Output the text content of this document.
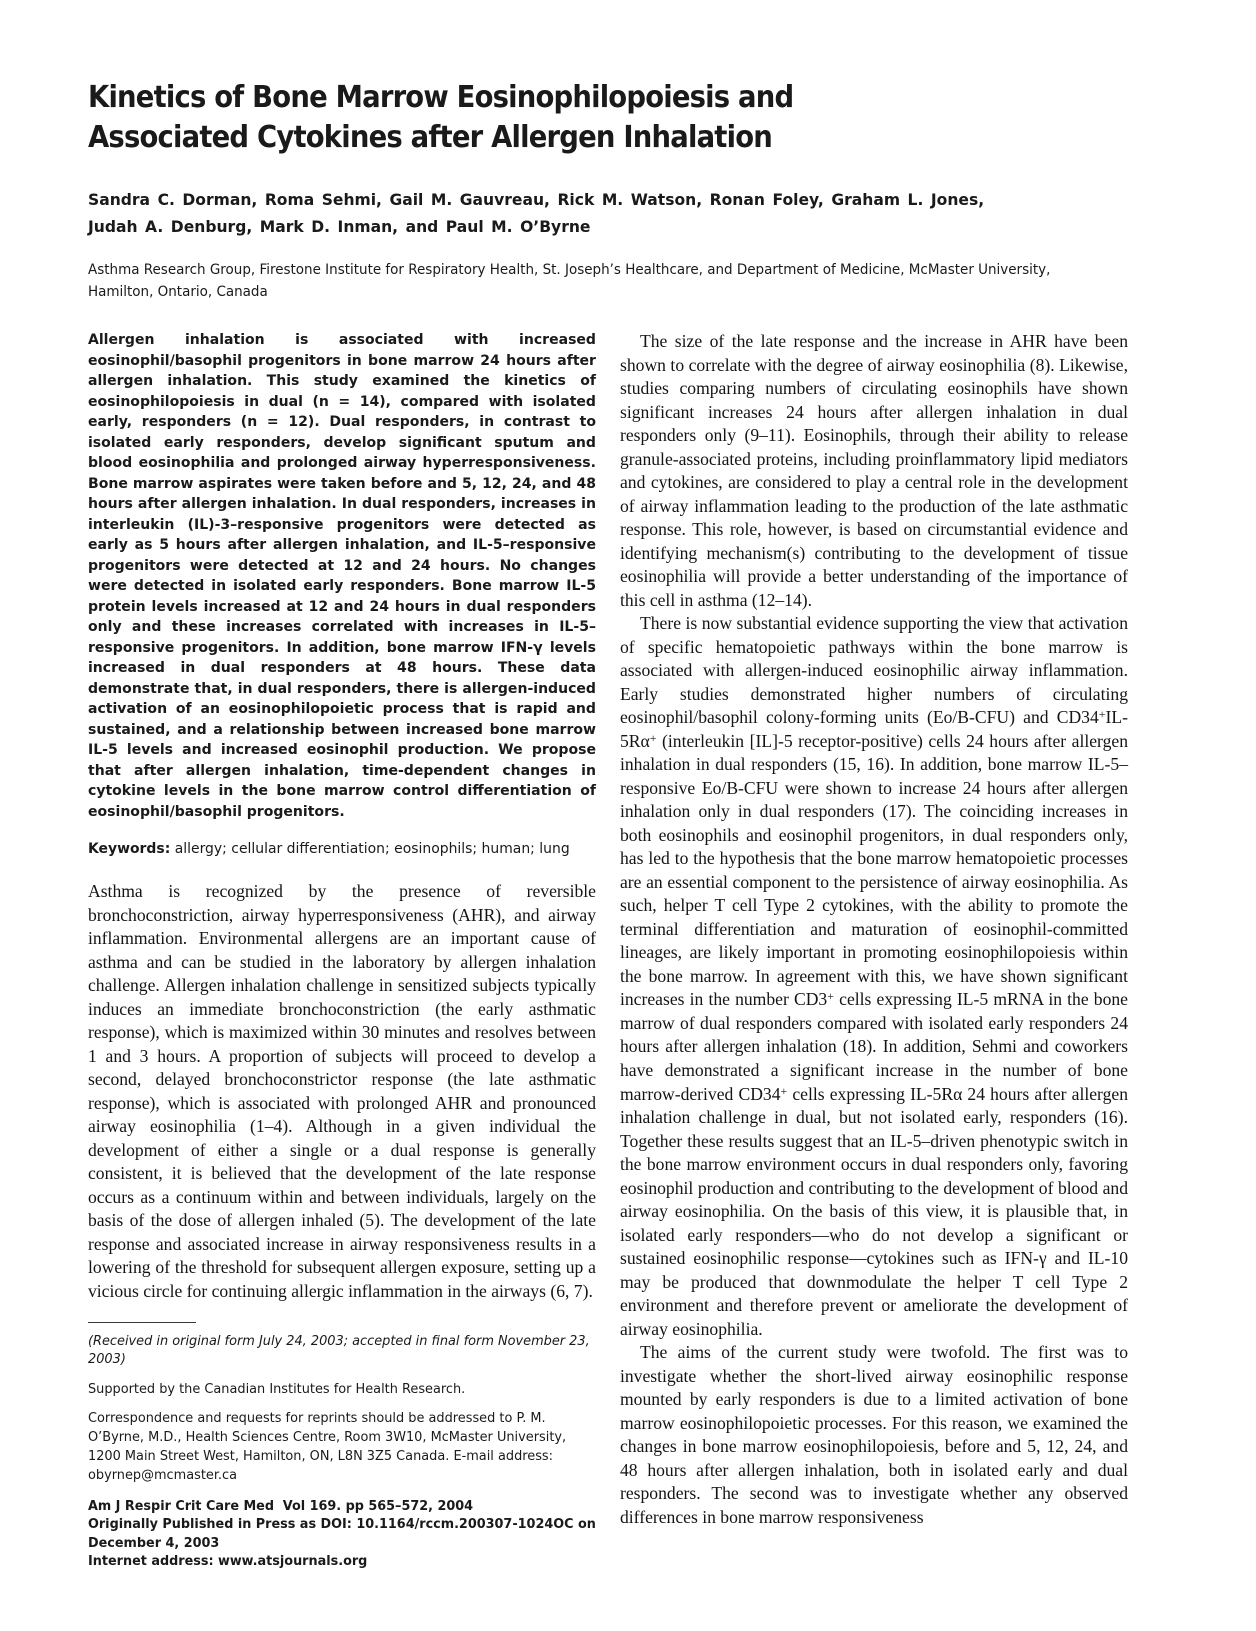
Kinetics of Bone Marrow Eosinophilopoiesis and
Associated Cytokines after Allergen Inhalation
Sandra C. Dorman, Roma Sehmi, Gail M. Gauvreau, Rick M. Watson, Ronan Foley, Graham L. Jones,
Judah A. Denburg, Mark D. Inman, and Paul M. O’Byrne
Asthma Research Group, Firestone Institute for Respiratory Health, St. Joseph’s Healthcare, and Department of Medicine, McMaster University, Hamilton, Ontario, Canada

Allergen inhalation is associated with increased eosinophil/basophil progenitors in bone marrow 24 hours after allergen inhalation. This study examined the kinetics of eosinophilopoiesis in dual (n = 14), compared with isolated early, responders (n = 12). Dual responders, in contrast to isolated early responders, develop significant sputum and blood eosinophilia and prolonged airway hyperresponsiveness. Bone marrow aspirates were taken before and 5, 12, 24, and 48 hours after allergen inhalation. In dual responders, increases in interleukin (IL)-3–responsive progenitors were detected as early as 5 hours after allergen inhalation, and IL-5–responsive progenitors were detected at 12 and 24 hours. No changes were detected in isolated early responders. Bone marrow IL-5 protein levels increased at 12 and 24 hours in dual responders only and these increases correlated with increases in IL-5–responsive progenitors. In addition, bone marrow IFN-γ levels increased in dual responders at 48 hours. These data demonstrate that, in dual responders, there is allergen-induced activation of an eosinophilopoietic process that is rapid and sustained, and a relationship between increased bone marrow IL-5 levels and increased eosinophil production. We propose that after allergen inhalation, time-dependent changes in cytokine levels in the bone marrow control differentiation of eosinophil/basophil progenitors.

Keywords: allergy; cellular differentiation; eosinophils; human; lung

Asthma is recognized by the presence of reversible bronchoconstriction, airway hyperresponsiveness (AHR), and airway inflammation. Environmental allergens are an important cause of asthma and can be studied in the laboratory by allergen inhalation challenge. Allergen inhalation challenge in sensitized subjects typically induces an immediate bronchoconstriction (the early asthmatic response), which is maximized within 30 minutes and resolves between 1 and 3 hours. A proportion of subjects will proceed to develop a second, delayed bronchoconstrictor response (the late asthmatic response), which is associated with prolonged AHR and pronounced airway eosinophilia (1–4). Although in a given individual the development of either a single or a dual response is generally consistent, it is believed that the development of the late response occurs as a continuum within and between individuals, largely on the basis of the dose of allergen inhaled (5). The development of the late response and associated increase in airway responsiveness results in a lowering of the threshold for subsequent allergen exposure, setting up a vicious circle for continuing allergic inflammation in the airways (6, 7).

The size of the late response and the increase in AHR have been shown to correlate with the degree of airway eosinophilia (8). Likewise, studies comparing numbers of circulating eosinophils have shown significant increases 24 hours after allergen inhalation in dual responders only (9–11). Eosinophils, through their ability to release granule-associated proteins, including proinflammatory lipid mediators and cytokines, are considered to play a central role in the development of airway inflammation leading to the production of the late asthmatic response. This role, however, is based on circumstantial evidence and identifying mechanism(s) contributing to the development of tissue eosinophilia will provide a better understanding of the importance of this cell in asthma (12–14).

There is now substantial evidence supporting the view that activation of specific hematopoietic pathways within the bone marrow is associated with allergen-induced eosinophilic airway inflammation. Early studies demonstrated higher numbers of circulating eosinophil/basophil colony-forming units (Eo/B-CFU) and CD34+IL-5Rα+ (interleukin [IL]-5 receptor-positive) cells 24 hours after allergen inhalation in dual responders (15, 16). In addition, bone marrow IL-5–responsive Eo/B-CFU were shown to increase 24 hours after allergen inhalation only in dual responders (17). The coinciding increases in both eosinophils and eosinophil progenitors, in dual responders only, has led to the hypothesis that the bone marrow hematopoietic processes are an essential component to the persistence of airway eosinophilia. As such, helper T cell Type 2 cytokines, with the ability to promote the terminal differentiation and maturation of eosinophil-committed lineages, are likely important in promoting eosinophilopoiesis within the bone marrow. In agreement with this, we have shown significant increases in the number CD3+ cells expressing IL-5 mRNA in the bone marrow of dual responders compared with isolated early responders 24 hours after allergen inhalation (18). In addition, Sehmi and coworkers have demonstrated a significant increase in the number of bone marrow-derived CD34+ cells expressing IL-5Rα 24 hours after allergen inhalation challenge in dual, but not isolated early, responders (16). Together these results suggest that an IL-5–driven phenotypic switch in the bone marrow environment occurs in dual responders only, favoring eosinophil production and contributing to the development of blood and airway eosinophilia. On the basis of this view, it is plausible that, in isolated early responders—who do not develop a significant or sustained eosinophilic response—cytokines such as IFN-γ and IL-10 may be produced that downmodulate the helper T cell Type 2 environment and therefore prevent or ameliorate the development of airway eosinophilia.

The aims of the current study were twofold. The first was to investigate whether the short-lived airway eosinophilic response mounted by early responders is due to a limited activation of bone marrow eosinophilopoietic processes. For this reason, we examined the changes in bone marrow eosinophilopoiesis, before and 5, 12, 24, and 48 hours after allergen inhalation, both in isolated early and dual responders. The second was to investigate whether any observed differences in bone marrow responsiveness

(Received in original form July 24, 2003; accepted in final form November 23, 2003)
Supported by the Canadian Institutes for Health Research.
Correspondence and requests for reprints should be addressed to P. M. O’Byrne, M.D., Health Sciences Centre, Room 3W10, McMaster University, 1200 Main Street West, Hamilton, ON, L8N 3Z5 Canada. E-mail address: obyrnep@mcmaster.ca
Am J Respir Crit Care Med Vol 169. pp 565–572, 2004
Originally Published in Press as DOI: 10.1164/rccm.200307-1024OC on December 4, 2003
Internet address: www.atsjournals.org
